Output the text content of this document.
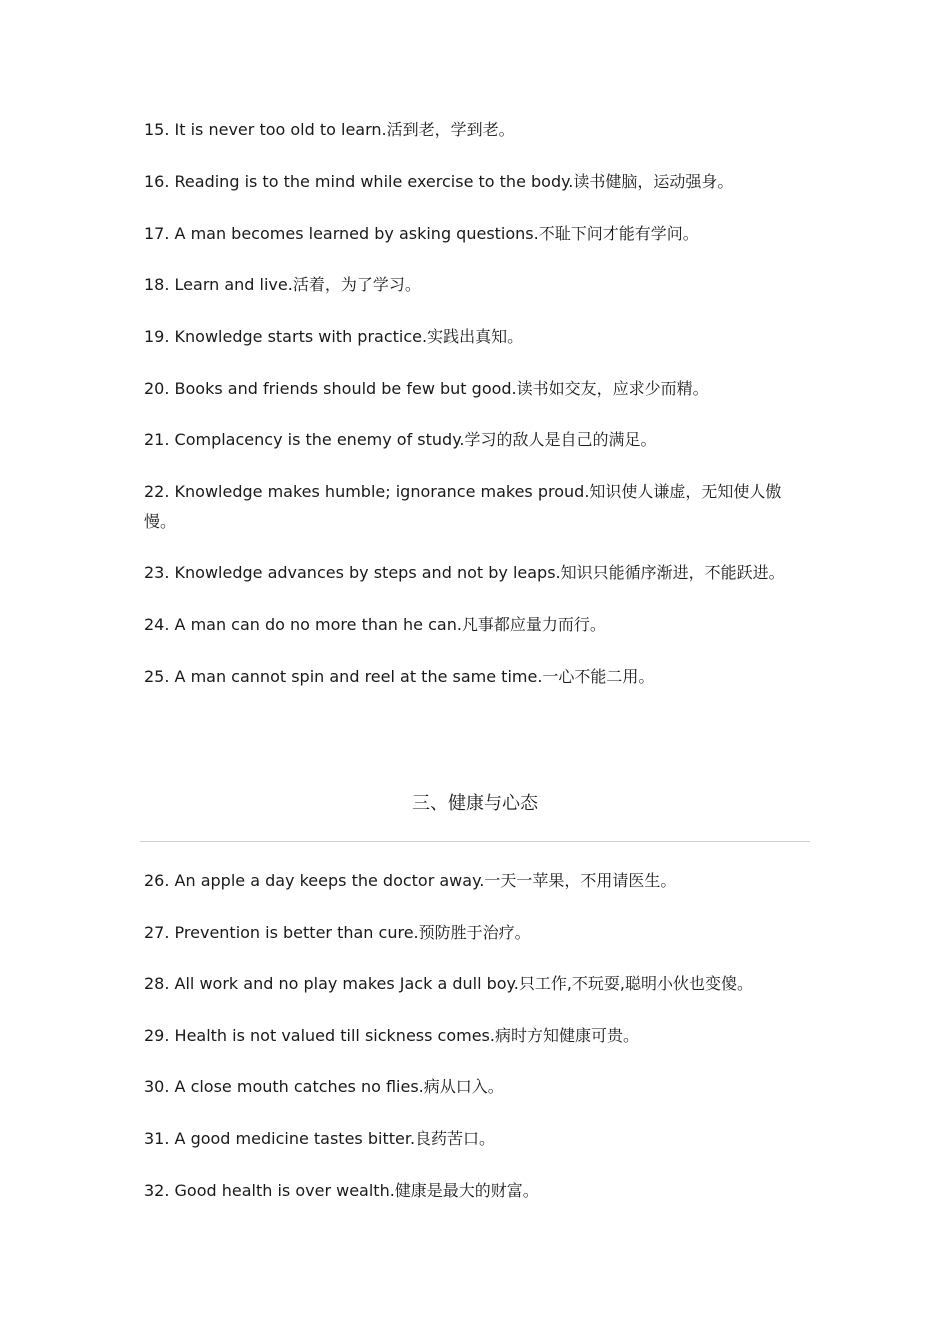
15. It is never too old to learn.活到老，学到老。

16. Reading is to the mind while exercise to the body.读书健脑，运动强身。

17. A man becomes learned by asking questions.不耻下问才能有学问。

18. Learn and live.活着，为了学习。

19. Knowledge starts with practice.实践出真知。

20. Books and friends should be few but good.读书如交友，应求少而精。

21. Complacency is the enemy of study.学习的敌人是自己的满足。

22. Knowledge makes humble; ignorance makes proud.知识使人谦虚，无知使人傲慢。

23. Knowledge advances by steps and not by leaps.知识只能循序渐进，不能跃进。

24. A man can do no more than he can.凡事都应量力而行。

25. A man cannot spin and reel at the same time.一心不能二用。

三、健康与心态

26. An apple a day keeps the doctor away.一天一苹果，不用请医生。

27. Prevention is better than cure.预防胜于治疗。

28. All work and no play makes Jack a dull boy.只工作,不玩耍,聪明小伙也变傻。

29. Health is not valued till sickness comes.病时方知健康可贵。

30. A close mouth catches no flies.病从口入。

31. A good medicine tastes bitter.良药苦口。

32. Good health is over wealth.健康是最大的财富。
